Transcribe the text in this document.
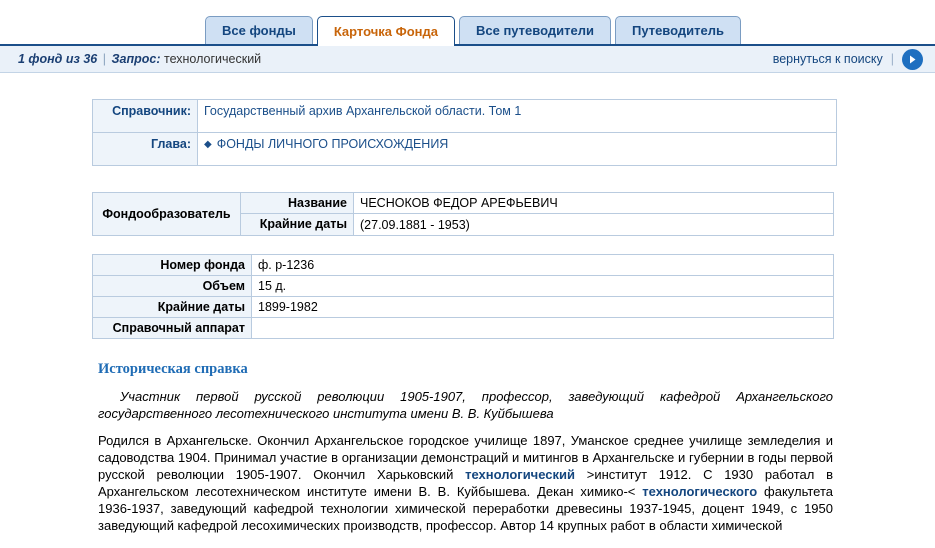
Все фонды	Карточка Фонда	Все путеводители	Путеводитель
1 фонд из 36 | Запрос: технологический	вернуться к поиску |
Справочник:	Государственный архив Архангельской области. Том 1
Глава:	◆ ФОНДЫ ЛИЧНОГО ПРОИСХОЖДЕНИЯ
Фондообразователь	Название	ЧЕСНОКОВ ФЕДОР АРЕФЬЕВИЧ
	Крайние даты	(27.09.1881 - 1953)
Номер фонда	ф. р-1236
Объем	15 д.
Крайние даты	1899-1982
Справочный аппарат	
Историческая справка

Участник первой русской революции 1905-1907, профессор, заведующий кафедрой Архангельского государственного лесотехнического института имени В. В. Куйбышева

Родился в Архангельске. Окончил Архангельское городское училище 1897, Уманское среднее училище земледелия и садоводства 1904. Принимал участие в организации демонстраций и митингов в Архангельске и губернии в годы первой русской революции 1905-1907. Окончил Харьковский технологический >институт 1912. С 1930 работал в Архангельском лесотехническом институте имени В. В. Куйбышева. Декан химико-< технологического факультета 1936-1937, заведующий кафедрой технологии химической переработки древесины 1937-1945, доцент 1949, с 1950 заведующий кафедрой лесохимических производств, профессор. Автор 14 крупных работ в области химической
